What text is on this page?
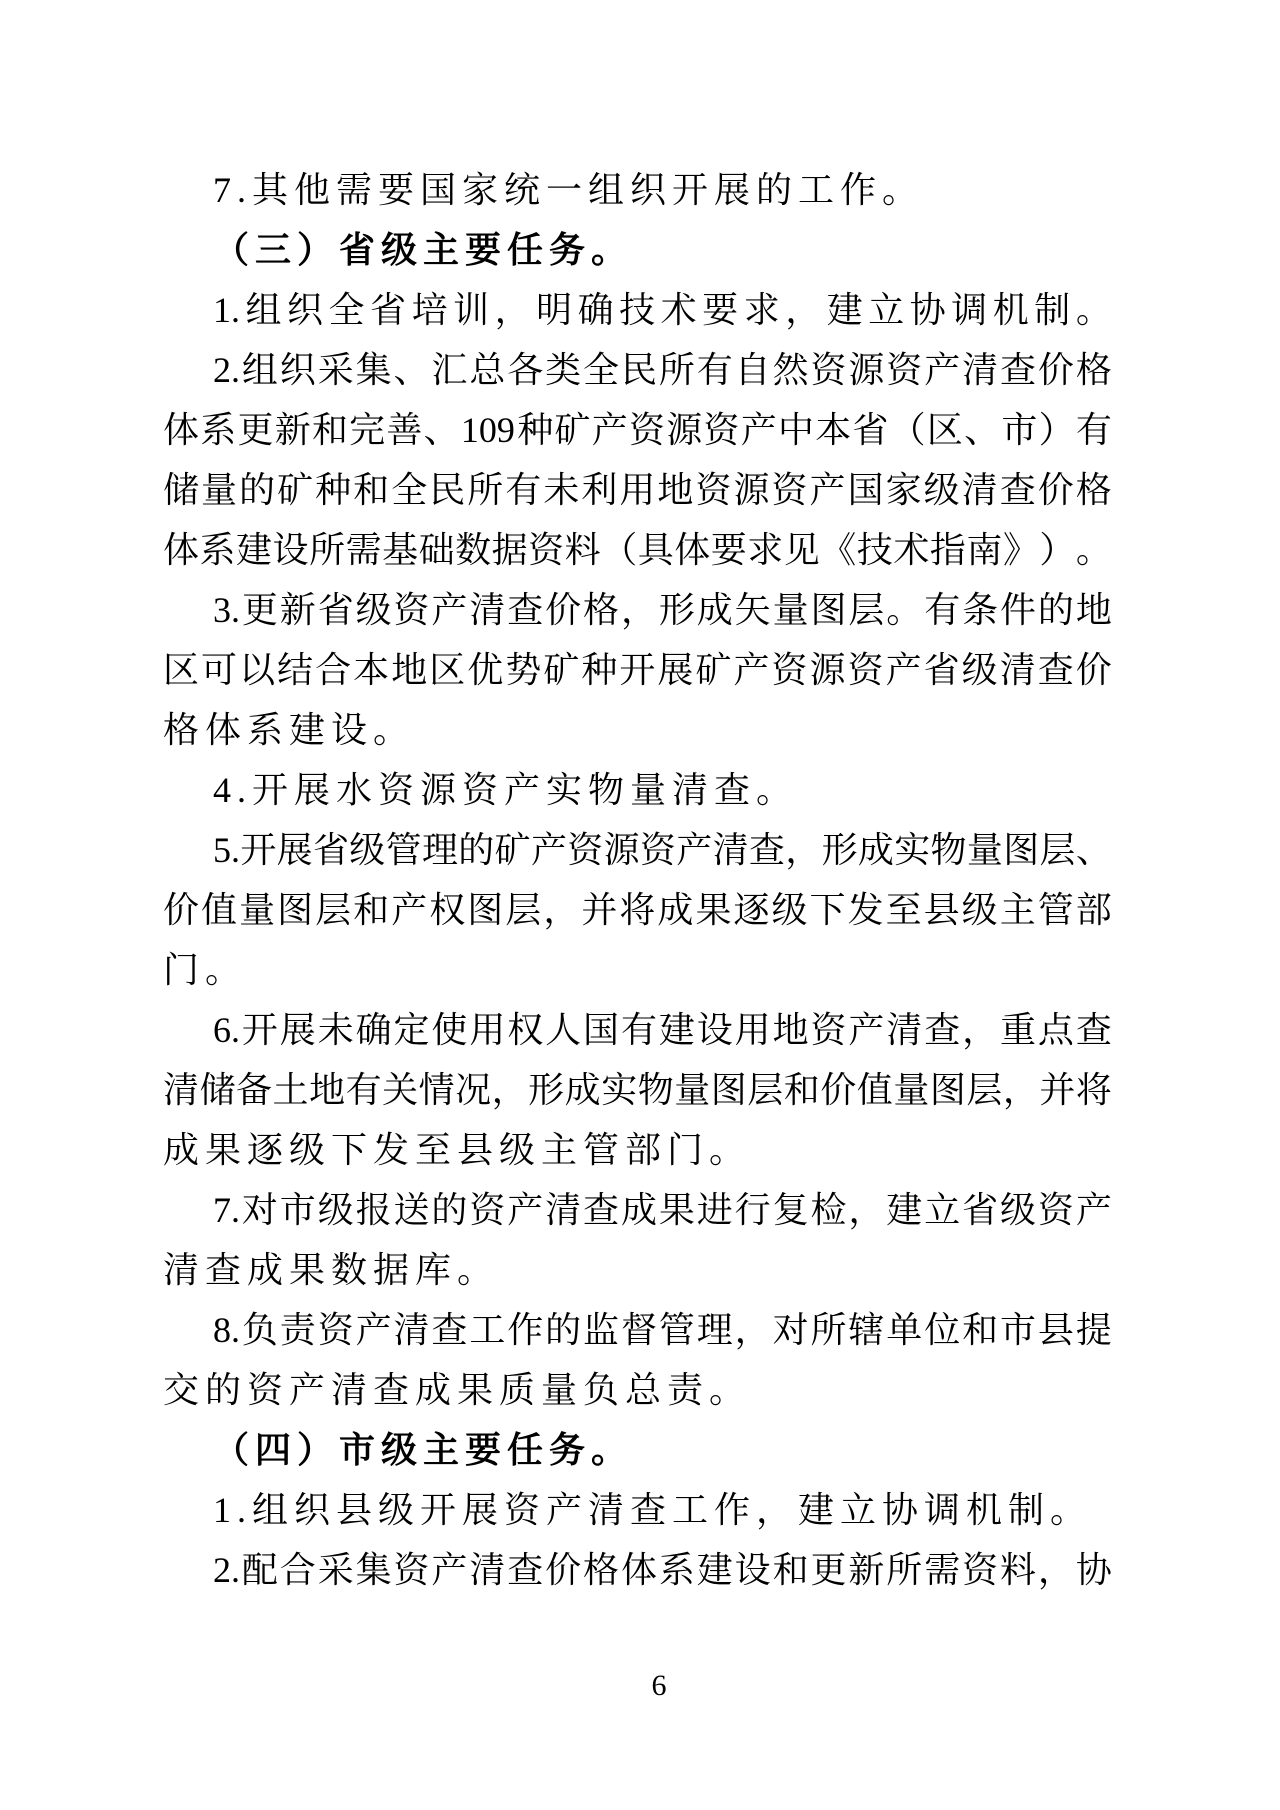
7.其他需要国家统一组织开展的工作。
（三）省级主要任务。
1. 组 织 全 省 培 训 ， 明 确 技 术 要 求 ， 建 立 协 调 机 制 。
2. 组 织 采 集 、 汇 总 各 类 全 民 所 有 自 然 资 源 资 产 清 查 价 格
体 系 更 新 和 完 善 、 109 种 矿 产 资 源 资 产 中 本 省 （ 区 、 市 ） 有
储 量 的 矿 种 和 全 民 所 有 未 利 用 地 资 源 资 产 国 家 级 清 查 价 格
体 系 建 设 所 需 基 础 数 据 资 料 （ 具 体 要 求 见 《 技 术 指 南 》 ） 。
3. 更 新 省 级 资 产 清 查 价 格 ， 形 成 矢 量 图 层 。 有 条 件 的 地
区 可 以 结 合 本 地 区 优 势 矿 种 开 展 矿 产 资 源 资 产 省 级 清 查 价
格体系建设。
4.开展水资源资产实物量清查。
5. 开 展 省 级 管 理 的 矿 产 资 源 资 产 清 查 ， 形 成 实 物 量 图 层 、
价 值 量 图 层 和 产 权 图 层 ， 并 将 成 果 逐 级 下 发 至 县 级 主 管 部
门。
6. 开 展 未 确 定 使 用 权 人 国 有 建 设 用 地 资 产 清 查 ， 重 点 查
清 储 备 土 地 有 关 情 况 ， 形 成 实 物 量 图 层 和 价 值 量 图 层 ， 并 将
成果逐级下发至县级主管部门。
7. 对 市 级 报 送 的 资 产 清 查 成 果 进 行 复 检 ， 建 立 省 级 资 产
清查成果数据库。
8. 负 责 资 产 清 查 工 作 的 监 督 管 理 ， 对 所 辖 单 位 和 市 县 提
交的资产清查成果质量负总责。
（四）市级主要任务。
1.组织县级开展资产清查工作，建立协调机制。
2. 配 合 采 集 资 产 清 查 价 格 体 系 建 设 和 更 新 所 需 资 料 ， 协
6
